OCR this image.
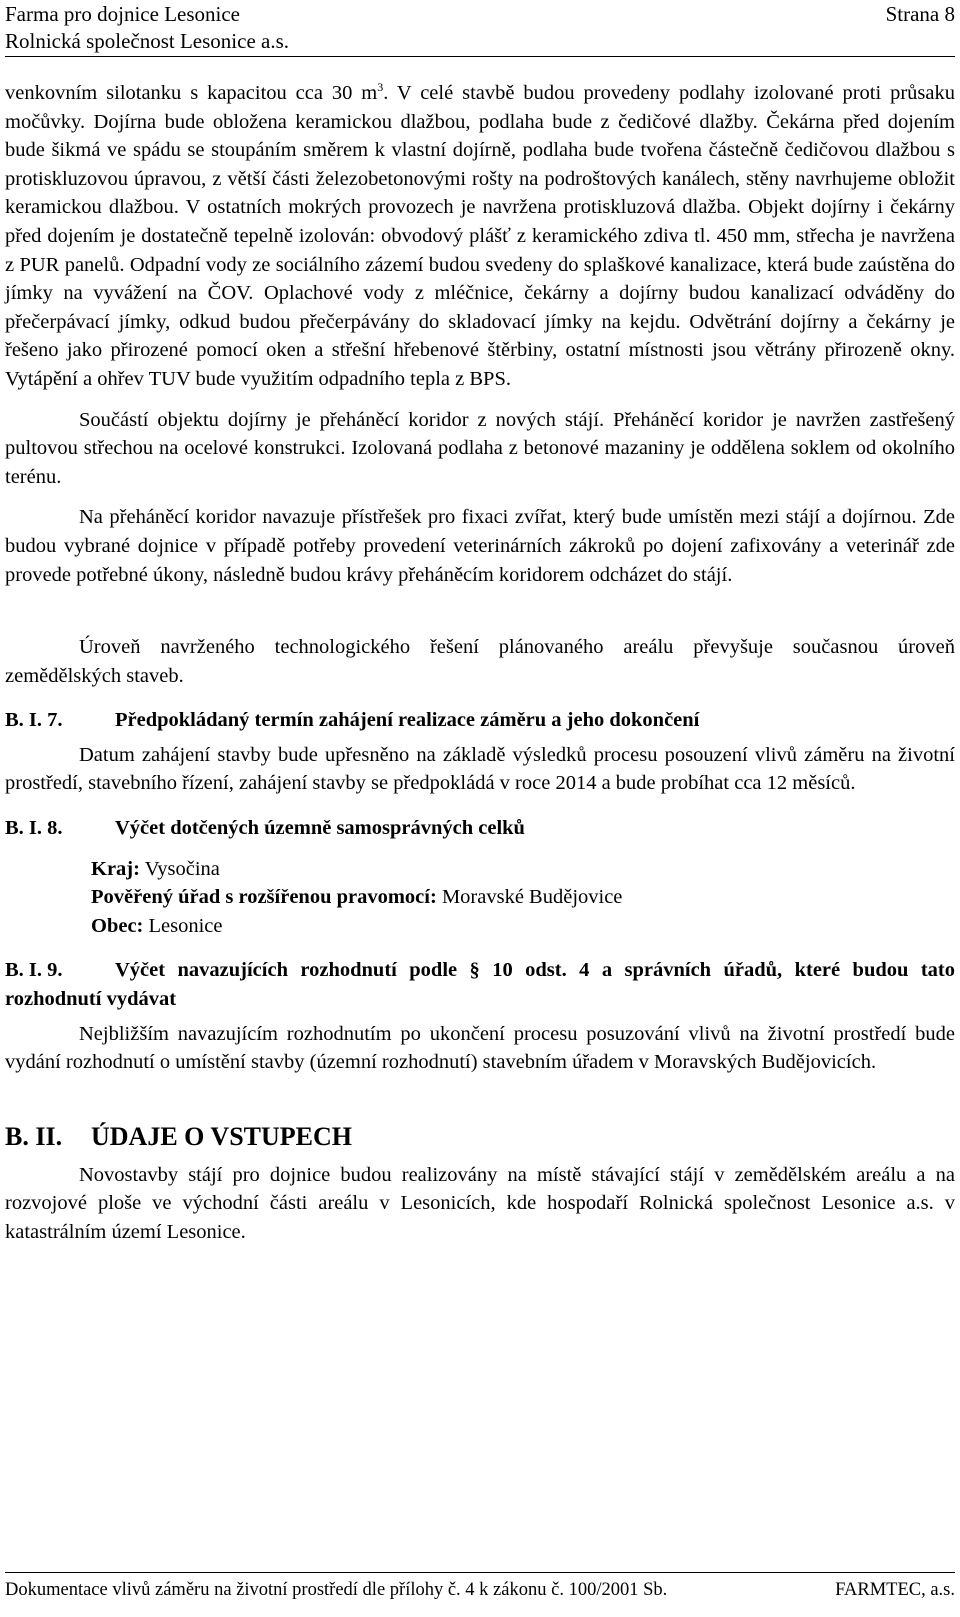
Farma pro dojnice Lesonice
Rolnická společnost Lesonice a.s.
Strana 8

venkovním silotanku s kapacitou cca 30 $m^3$. V celé stavbě budou provedeny podlahy izolované proti průsaku močůvky. Dojírna bude obložena keramickou dlažbou, podlaha bude z čedičové dlažby. Čekárna před dojením bude šikmá ve spádu se stoupáním směrem k vlastní dojírně, podlaha bude tvořena částečně čedičovou dlažbou s protiskluzovou úpravou, z větší části železobetonovými rošty na podroštových kanálech, stěny navrhujeme obložit keramickou dlažbou. V ostatních mokrých provozech je navržena protiskluzová dlažba. Objekt dojírny i čekárny před dojením je dostatečně tepelně izolován: obvodový plášť z keramického zdiva tl. 450 mm, střecha je navržena z PUR panelů. Odpadní vody ze sociálního zázemí budou svedeny do splaškové kanalizace, která bude zaústěna do jímky na vyvážení na ČOV. Oplachové vody z mléčnice, čekárny a dojírny budou kanalizací odváděny do přečerpávací jímky, odkud budou přečerpávány do skladovací jímky na kejdu. Odvětrání dojírny a čekárny je řešeno jako přirozené pomocí oken a střešní hřebenové štěrbiny, ostatní místnosti jsou větrány přirozeně okny. Vytápění a ohřev TUV bude využitím odpadního tepla z BPS.

Součástí objektu dojírny je přeháněcí koridor z nových stájí. Přeháněcí koridor je navržen zastřešený pultovou střechou na ocelové konstrukci. Izolovaná podlaha z betonové mazaniny je oddělena soklem od okolního terénu.

Na přeháněcí koridor navazuje přístřešek pro fixaci zvířat, který bude umístěn mezi stájí a dojírnou. Zde budou vybrané dojnice v případě potřeby provedení veterinárních zákroků po dojení zafixovány a veterinář zde provede potřebné úkony, následně budou krávy přeháněcím koridorem odcházet do stájí.

Úroveň navrženého technologického řešení plánovaného areálu převyšuje současnou úroveň zemědělských staveb.

B. I. 7.	Předpokládaný termín zahájení realizace záměru a jeho dokončení

Datum zahájení stavby bude upřesněno na základě výsledků procesu posouzení vlivů záměru na životní prostředí, stavebního řízení, zahájení stavby se předpokládá v roce 2014 a bude probíhat cca 12 měsíců.

B. I. 8.	Výčet dotčených územně samosprávných celků

Kraj: Vysočina
Pověřený úřad s rozšířenou pravomocí: Moravské Budějovice
Obec: Lesonice

B. I. 9.	Výčet navazujících rozhodnutí podle § 10 odst. 4 a správních úřadů, které budou tato rozhodnutí vydávat

Nejbližším navazujícím rozhodnutím po ukončení procesu posuzování vlivů na životní prostředí bude vydání rozhodnutí o umístění stavby (územní rozhodnutí) stavebním úřadem v Moravských Budějovicích.

B. II. ÚDAJE O VSTUPECH

Novostavby stájí pro dojnice budou realizovány na místě stávající stájí v zemědělském areálu a na rozvojové ploše ve východní části areálu v Lesonicích, kde hospodaří Rolnická společnost Lesonice a.s. v katastrálním území Lesonice.

Dokumentace vlivů záměru na životní prostředí dle přílohy č. 4 k zákonu č. 100/2001 Sb.	FARMTEC, a.s.
